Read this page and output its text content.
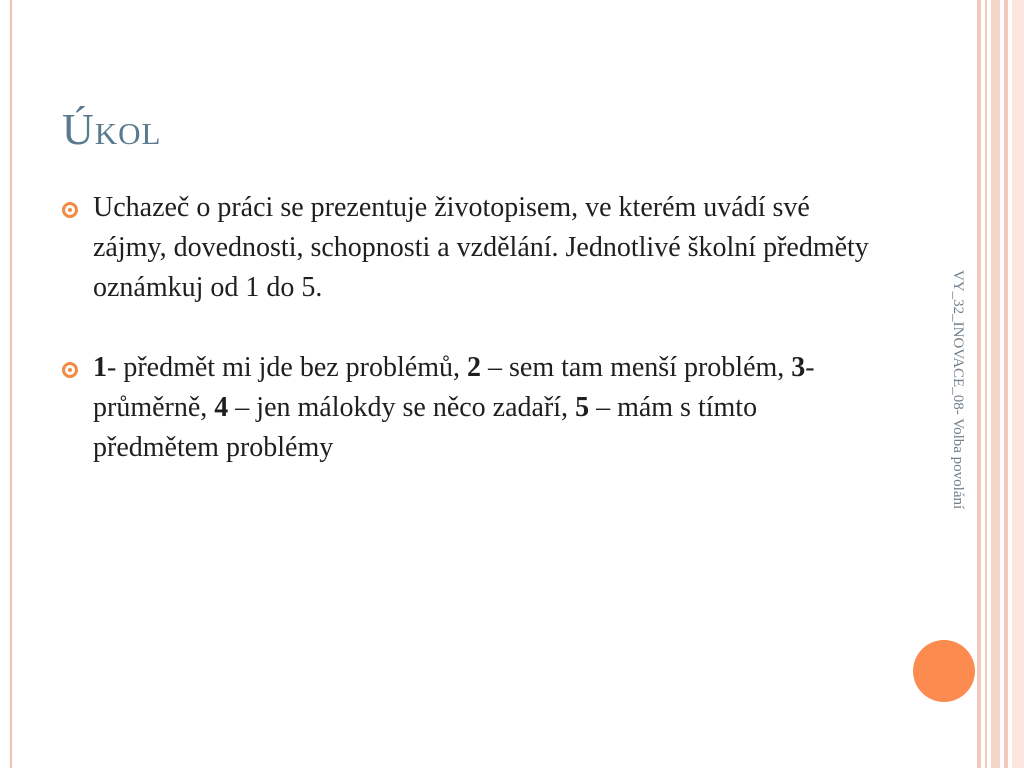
Úkol
Uchazeč o práci se prezentuje životopisem, ve kterém uvádí své zájmy, dovednosti, schopnosti a vzdělání. Jednotlivé školní předměty oznámkuj od 1 do 5.
1- předmět mi jde bez problémů, 2 – sem tam menší problém, 3-průměrně, 4 – jen málokdy se něco zadaří, 5 – mám s tímto předmětem problémy	VY_32_INOVACE_08- Volba povolání
